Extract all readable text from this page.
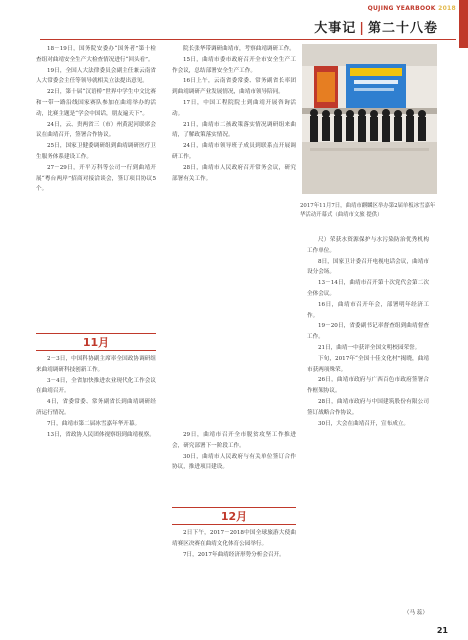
QUJING YEARBOOK 2018
大事记 | 第二十八卷

18－19日，国务院安委办“国务者”第十检查组对曲靖安全生产大检查情况进行“回头看”。

19日，全国人大法律委员会副主任兼云南省人大常委会主任等领导就相关立法提出意见。

22日，第十届“汉语桥”世界中学生中文比赛和一带一路沿线国家赛队参加在曲靖举办的活动，比赛主题是“学会中国话，朋友遍天下”。

24日，云、贵两省三（市）州黄泥河联席会议在曲靖召开，签署合作协议。

25日，国家卫健委调研组到曲靖调研医疗卫生服务体系建设工作。

27－29日，开平万科等公司一行到曲靖开展“粤台两岸”招商对接洽谈会，签订项目协议5个。

11月

2－3日，中国科协副主席率全国政协调研组来曲靖调研科技创新工作。

3－4日，全省加快推进农业现代化工作会议在曲靖召开。

4日，省委常委、常务副省长到曲靖调研经济运行情况。

7日，曲靖市第二届冰雪嘉年华开幕。

13日，省政协人民团体视察组到曲靖视察。

院长张华带调研曲靖市，考察曲靖调研工作。

15日，曲靖市委市政府召开全市安全生产工作会议，总结部署安全生产工作。

16日上午，云南省委常委、常务副省长率团到曲靖调研产业发展情况，曲靖市领导陪同。

17日，中国工程院院士到曲靖开展咨询活动。

21日，曲靖市二孩政策落实情况调研组来曲靖，了解政策落实情况。

24日，曲靖市领导班子成员到联系点开展调研工作。

28日，曲靖市人民政府召开常务会议，研究部署有关工作。

29日，曲靖市召开全市脱贫攻坚工作推进会，研究部署下一阶段工作。

30日，曲靖市人民政府与有关单位签订合作协议，推进项目建设。

12月

2日下午，2017－2018中国全球旅游大使曲靖赛区决赛在曲靖文化体育公园举行。

7日，2017年曲靖经济形势分析会召开。

2017年11月7日，曲靖市麒麟区举办第2届单板冰雪嘉年华活动开幕式（曲靖市文旅 提供）

尺）荣获水资源保护与水污染防治优秀机构工作单位。

8日，国家卫计委召开电视电话会议，曲靖市设分会场。

13－14日，曲靖市召开第十次党代会第二次全体会议。

16日，曲靖市召开年会，部署明年经济工作。

19－20日，省委副书记率督查组到曲靖督查工作。

21日，曲靖一中获评全国文明校园荣誉。

下旬，2017年“全国十佳文化村”揭晓，曲靖市获两项殊荣。

26日，曲靖市政府与广西百色市政府签署合作框架协议。

28日，曲靖市政府与中国建筑股份有限公司签订战略合作协议。

30日，大会在曲靖召开，宣布成立。

（马 蕊）
21
